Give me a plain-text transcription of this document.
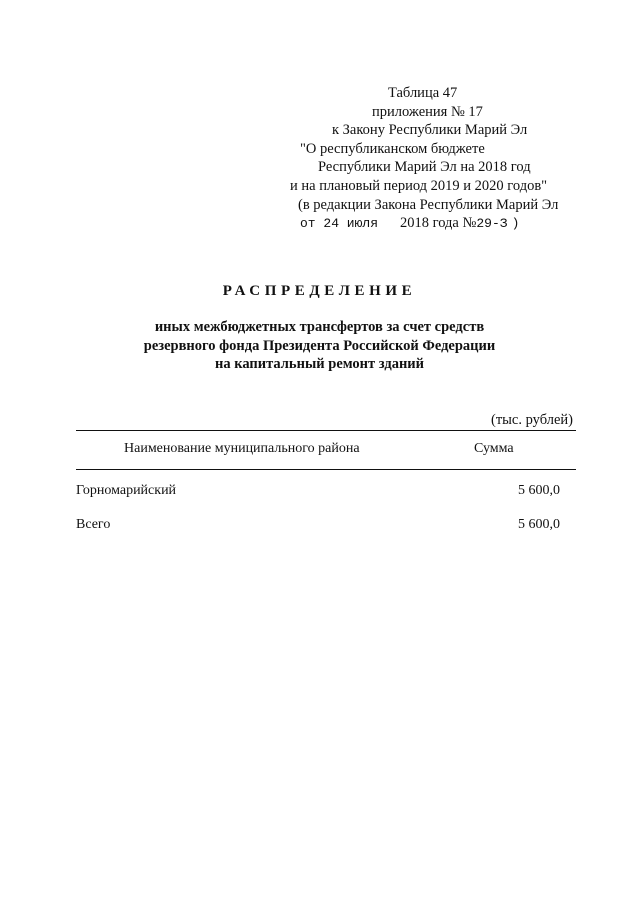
Таблица 47
приложения № 17
к Закону Республики Марий Эл
"О республиканском бюджете
Республики Марий Эл на 2018 год
и на плановый период 2019 и 2020 годов"
(в редакции Закона Республики Марий Эл
от 24 июля 2018 года №29-З )
РАСПРЕДЕЛЕНИЕ
иных межбюджетных трансфертов за счет средств
резервного фонда Президента Российской Федерации
на капитальный ремонт зданий
(тыс. рублей)
Наименование муниципального района	Сумма
Горномарийский	5 600,0
Всего	5 600,0
